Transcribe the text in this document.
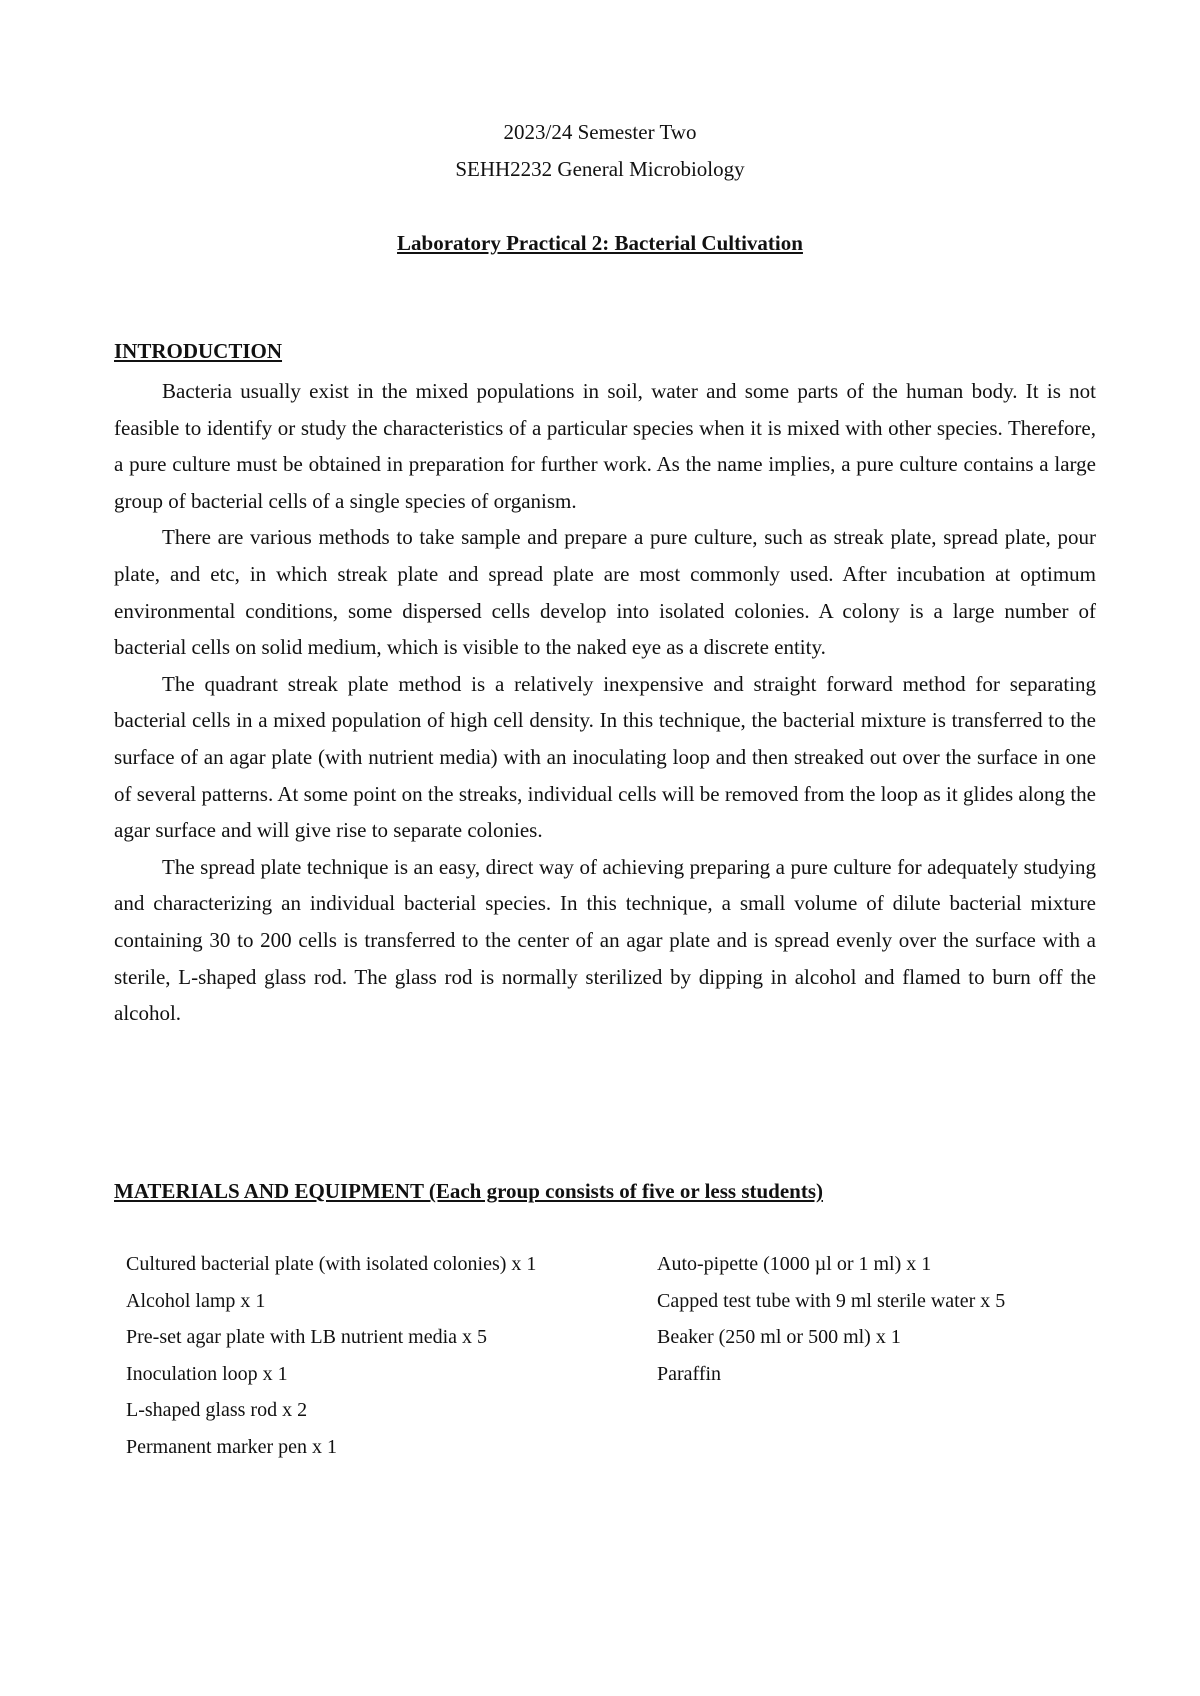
2023/24 Semester Two
SEHH2232 General Microbiology
Laboratory Practical 2: Bacterial Cultivation
INTRODUCTION

Bacteria usually exist in the mixed populations in soil, water and some parts of the human body. It is not feasible to identify or study the characteristics of a particular species when it is mixed with other species. Therefore, a pure culture must be obtained in preparation for further work. As the name implies, a pure culture contains a large group of bacterial cells of a single species of organism.

There are various methods to take sample and prepare a pure culture, such as streak plate, spread plate, pour plate, and etc, in which streak plate and spread plate are most commonly used. After incubation at optimum environmental conditions, some dispersed cells develop into isolated colonies. A colony is a large number of bacterial cells on solid medium, which is visible to the naked eye as a discrete entity.

The quadrant streak plate method is a relatively inexpensive and straight forward method for separating bacterial cells in a mixed population of high cell density. In this technique, the bacterial mixture is transferred to the surface of an agar plate (with nutrient media) with an inoculating loop and then streaked out over the surface in one of several patterns. At some point on the streaks, individual cells will be removed from the loop as it glides along the agar surface and will give rise to separate colonies.

The spread plate technique is an easy, direct way of achieving preparing a pure culture for adequately studying and characterizing an individual bacterial species. In this technique, a small volume of dilute bacterial mixture containing 30 to 200 cells is transferred to the center of an agar plate and is spread evenly over the surface with a sterile, L-shaped glass rod. The glass rod is normally sterilized by dipping in alcohol and flamed to burn off the alcohol.

MATERIALS AND EQUIPMENT (Each group consists of five or less students)
Cultured bacterial plate (with isolated colonies) x 1
Alcohol lamp x 1
Pre-set agar plate with LB nutrient media x 5
Inoculation loop x 1
L-shaped glass rod x 2
Permanent marker pen x 1
Auto-pipette (1000 µl or 1 ml) x 1
Capped test tube with 9 ml sterile water x 5
Beaker (250 ml or 500 ml) x 1
Paraffin
